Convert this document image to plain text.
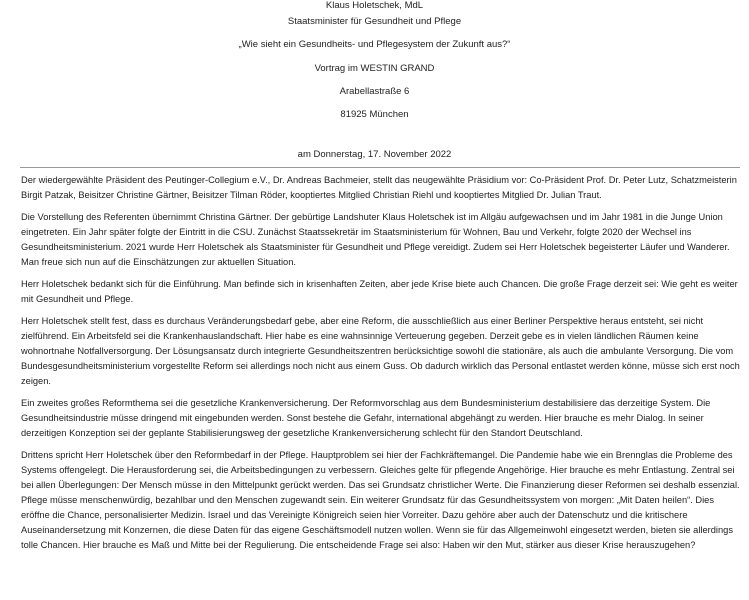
Klaus Holetschek, MdL
Staatsminister für Gesundheit und Pflege
„Wie sieht ein Gesundheits- und Pflegesystem der Zukunft aus?“
Vortrag im WESTIN GRAND
Arabellastraße 6
81925 München
am Donnerstag, 17. November 2022

Der wiedergewählte Präsident des Peutinger-Collegium e.V., Dr. Andreas Bachmeier, stellt das neugewählte Präsidium vor: Co-Präsident Prof. Dr. Peter Lutz, Schatzmeisterin Birgit Patzak, Beisitzer Christine Gärtner, Beisitzer Tilman Röder, kooptiertes Mitglied Christian Riehl und kooptiertes Mitglied Dr. Julian Traut.

Die Vorstellung des Referenten übernimmt Christina Gärtner. Der gebürtige Landshuter Klaus Holetschek ist im Allgäu aufgewachsen und im Jahr 1981 in die Junge Union eingetreten. Ein Jahr später folgte der Eintritt in die CSU. Zunächst Staatssekretär im Staatsministerium für Wohnen, Bau und Verkehr, folgte 2020 der Wechsel ins Gesundheitsministerium. 2021 wurde Herr Holetschek als Staatsminister für Gesundheit und Pflege vereidigt. Zudem sei Herr Holetschek begeisterter Läufer und Wanderer. Man freue sich nun auf die Einschätzungen zur aktuellen Situation.

Herr Holetschek bedankt sich für die Einführung. Man befinde sich in krisenhaften Zeiten, aber jede Krise biete auch Chancen. Die große Frage derzeit sei: Wie geht es weiter mit Gesundheit und Pflege.

Herr Holetschek stellt fest, dass es durchaus Veränderungsbedarf gebe, aber eine Reform, die ausschließlich aus einer Berliner Perspektive heraus entsteht, sei nicht zielführend. Ein Arbeitsfeld sei die Krankenhauslandschaft. Hier habe es eine wahnsinnige Verteuerung gegeben. Derzeit gebe es in vielen ländlichen Räumen keine wohnortnahe Notfallversorgung. Der Lösungsansatz durch integrierte Gesundheitszentren berücksichtige sowohl die stationäre, als auch die ambulante Versorgung. Die vom Bundesgesundheitsministerium vorgestellte Reform sei allerdings noch nicht aus einem Guss. Ob dadurch wirklich das Personal entlastet werden könne, müsse sich erst noch zeigen.

Ein zweites großes Reformthema sei die gesetzliche Krankenversicherung. Der Reformvorschlag aus dem Bundesministerium destabilisiere das derzeitige System. Die Gesundheitsindustrie müsse dringend mit eingebunden werden. Sonst bestehe die Gefahr, international abgehängt zu werden. Hier brauche es mehr Dialog. In seiner derzeitigen Konzeption sei der geplante Stabilisierungsweg der gesetzliche Krankenversicherung schlecht für den Standort Deutschland.

Drittens spricht Herr Holetschek über den Reformbedarf in der Pflege. Hauptproblem sei hier der Fachkräftemangel. Die Pandemie habe wie ein Brennglas die Probleme des Systems offengelegt. Die Herausforderung sei, die Arbeitsbedingungen zu verbessern. Gleiches gelte für pflegende Angehörige. Hier brauche es mehr Entlastung. Zentral sei bei allen Überlegungen: Der Mensch müsse in den Mittelpunkt gerückt werden. Das sei Grundsatz christlicher Werte. Die Finanzierung dieser Reformen sei deshalb essenzial. Pflege müsse menschenwürdig, bezahlbar und den Menschen zugewandt sein. Ein weiterer Grundsatz für das Gesundheitssystem von morgen: „Mit Daten heilen“. Dies eröffne die Chance, personalisierter Medizin. Israel und das Vereinigte Königreich seien hier Vorreiter. Dazu gehöre aber auch der Datenschutz und die kritischere Auseinandersetzung mit Konzernen, die diese Daten für das eigene Geschäftsmodell nutzen wollen. Wenn sie für das Allgemeinwohl eingesetzt werden, bieten sie allerdings tolle Chancen. Hier brauche es Maß und Mitte bei der Regulierung. Die entscheidende Frage sei also: Haben wir den Mut, stärker aus dieser Krise herauszugehen?
